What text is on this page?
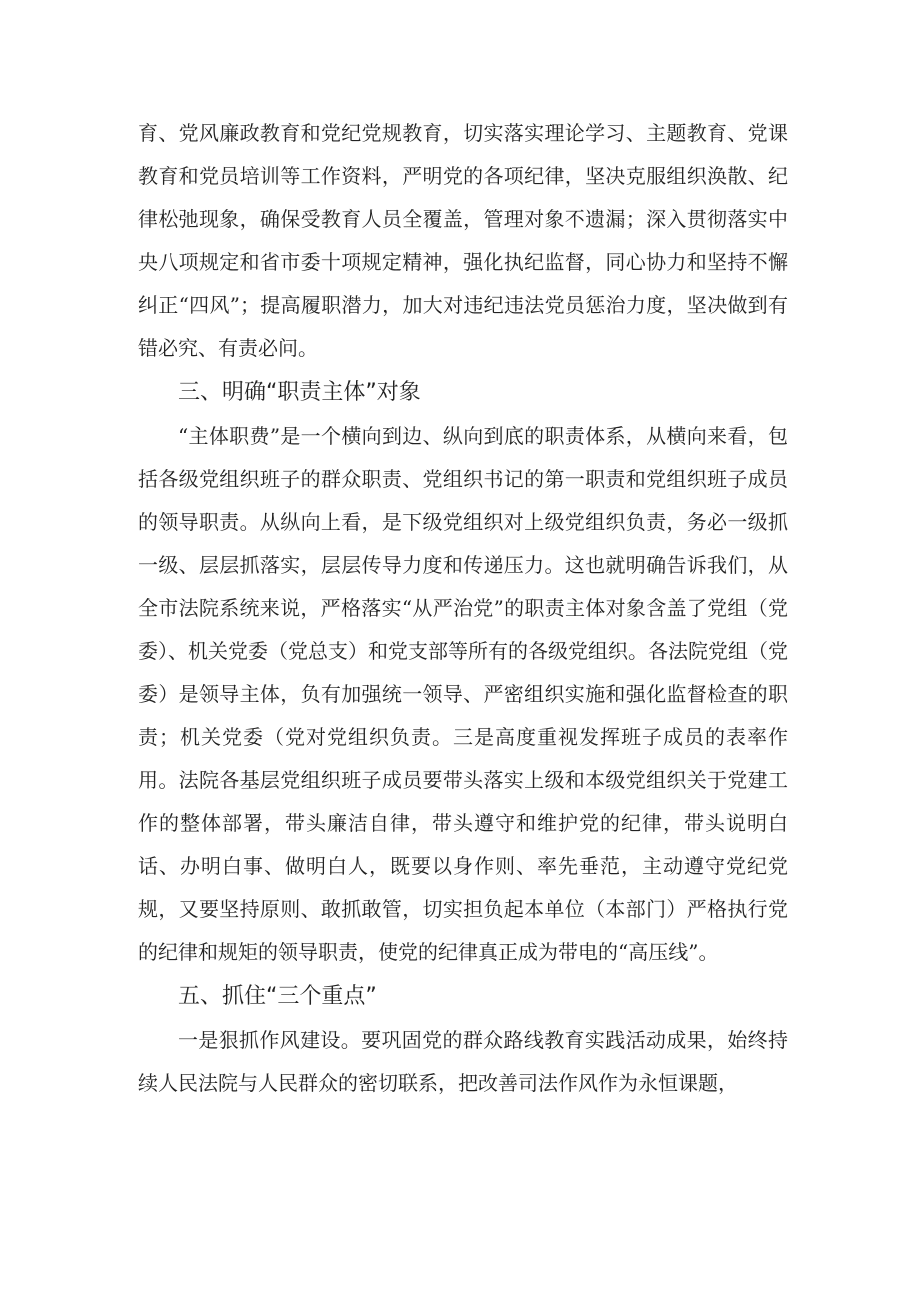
育、党风廉政教育和党纪党规教育，切实落实理论学习、主题教育、党课教育和党员培训等工作资料，严明党的各项纪律，坚决克服组织涣散、纪律松弛现象，确保受教育人员全覆盖，管理对象不遗漏；深入贯彻落实中央八项规定和省市委十项规定精神，强化执纪监督，同心协力和坚持不懈纠正“四风”；提高履职潜力，加大对违纪违法党员惩治力度，坚决做到有错必究、有责必问。

三、明确“职责主体”对象

“主体职费”是一个横向到边、纵向到底的职责体系，从横向来看，包括各级党组织班子的群众职责、党组织书记的第一职责和党组织班子成员的领导职责。从纵向上看，是下级党组织对上级党组织负责，务必一级抓一级、层层抓落实，层层传导力度和传递压力。这也就明确告诉我们，从全市法院系统来说，严格落实“从严治党”的职责主体对象含盖了党组（党委）、机关党委（党总支）和党支部等所有的各级党组织。各法院党组（党委）是领导主体，负有加强统一领导、严密组织实施和强化监督检查的职责；机关党委（党对党组织负责。三是高度重视发挥班子成员的表率作用。法院各基层党组织班子成员要带头落实上级和本级党组织关于党建工作的整体部署，带头廉洁自律，带头遵守和维护党的纪律，带头说明白话、办明白事、做明白人，既要以身作则、率先垂范，主动遵守党纪党规，又要坚持原则、敢抓敢管，切实担负起本单位（本部门）严格执行党的纪律和规矩的领导职责，使党的纪律真正成为带电的“高压线”。

五、抓住“三个重点”

一是狠抓作风建设。要巩固党的群众路线教育实践活动成果，始终持续人民法院与人民群众的密切联系，把改善司法作风作为永恒课题，
